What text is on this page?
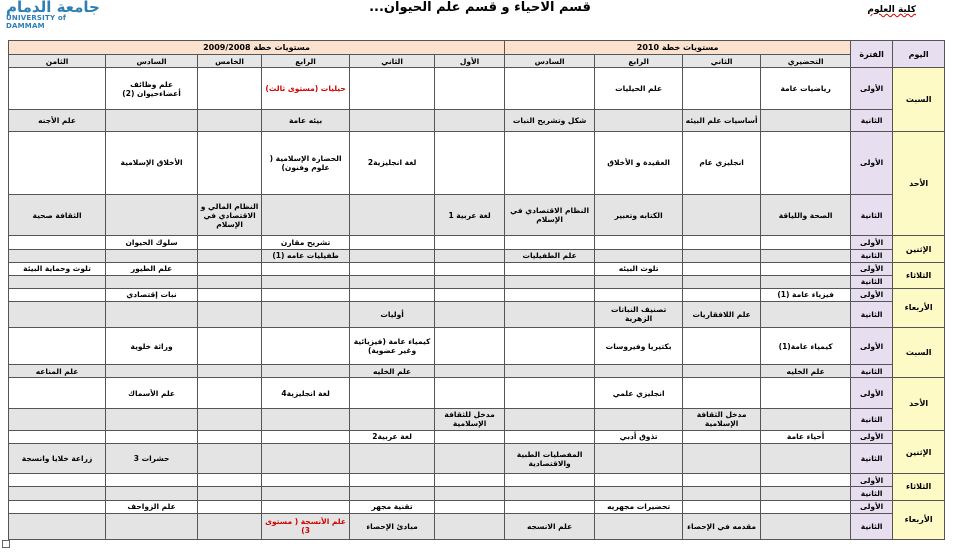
جامعة الدمام
UNIVERSITY of DAMMAM
قسم الاحياء و قسم علم الحيوان...	كلية العلوم
اليوم	الفترة	مستويات خطة 2010				مستويات خطة 2009/2008					
		التحضيري	الثاني	الرابع	السادس	الأول	الثاني	الرابع	الخامس	السادس	الثامن
السبت	الأولى	رياضيات عامة		علم الحيليات				حيليات (مستوى ثالث)		علم وظائف أعضاءحيوان (2)	
	الثانية		أساسيات علم البيئه		شكل وتشريح النبات			بيئه عامة			علم الأجنه
الأحد	الأولى		انجليزي عام	العقيدة و الأخلاق			لغة انجليزية2	الحضارة الإسلامية ( علوم وفنون)		الأخلاق الإسلامية	
	الثانية	الصحة واللياقة		الكتابه وتعبير	النظام الاقتصادي في الإسلام	لغة عربية 1			النظام المالي و الاقتصادي في الإسلام		الثقافة صحية
الإثنين	الأولى							تشريح مقارن		سلوك الحيوان	
	الثانية				علم الطفيليات			طفيليات عامه (1)			
الثلاثاء	الأولى			تلوث البيئه						علم الطيور	تلوث وحماية البيئة
	الثانية										
الأربعاء	الأولى	فيزياء عامة (1)								نبات إقتصادي	
	الثانية		علم اللافقاريات	تصنيف النباتات الزهرية			أوليات				
السبت	الأولى	كيمياء عامة(1)		بكتيريا وفيروسات			كيمياء عامة (فيزيائية وغير عضوية)			وراثة خلوية	
	الثانية	علم الخليه					علم الخليه				علم المناعه
الأحد	الأولى			انجليزي علمي				لغة انجليزية4		علم الأسماك	
	الثانية		مدخل الثقافة الإسلامية			مدخل للثقافة الإسلامية					
الإثنين	الأولى	أحياء عامة		تذوق أدبي			لغة عربية2				
	الثانية				المفصليات الطبية والاقتصادية					حشرات 3	زراعة خلايا وانسجة
الثلاثاء	الأولى										
	الثانية										
الأربعاء	الأولى			تحضيرات مجهريه			تقنية مجهر			علم الزواحف	
	الثانية		مقدمه في الإحصاء		علم الانسجه		مبادئ الإحصاء	علم الأنسجة ( مستوى 3)			
